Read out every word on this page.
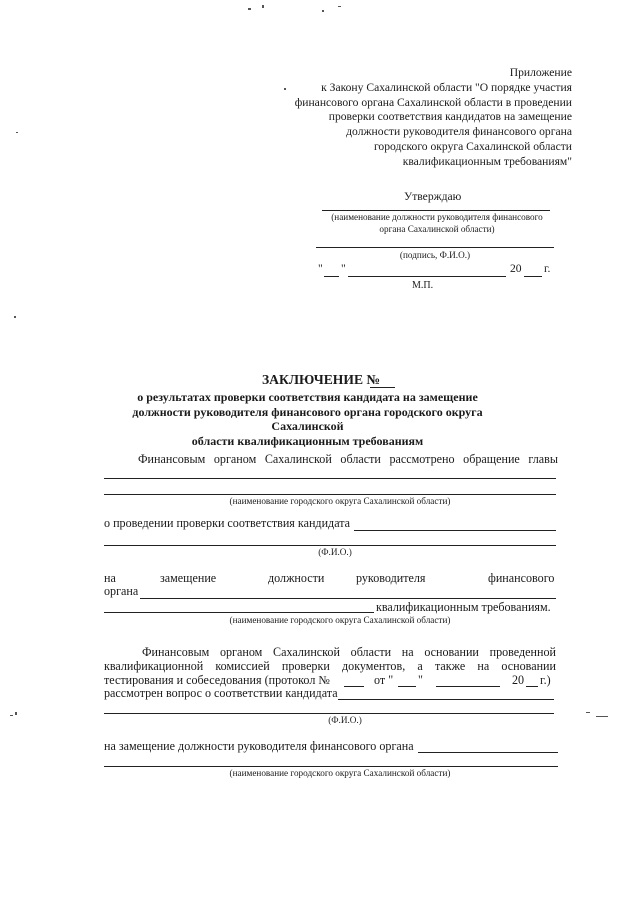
Приложение
к Закону Сахалинской области "О порядке участия
финансового органа Сахалинской области в проведении
проверки соответствия кандидатов на замещение
должности руководителя финансового органа
городского округа Сахалинской области
квалификационным требованиям"
Утверждаю
(наименование должности руководителя финансового
органа Сахалинской области)
(подпись, Ф.И.О.)
" "	20 г.
М.П.
ЗАКЛЮЧЕНИЕ №
о результатах проверки соответствия кандидата на замещение
должности руководителя финансового органа городского округа Сахалинской
области квалификационным требованиям
Финансовым органом Сахалинской области рассмотрено обращение главы
(наименование городского округа Сахалинской области)
о проведении проверки соответствия кандидата
(Ф.И.О.)
на	замещение	должности	руководителя	финансового
органа
квалификационным требованиям.
(наименование городского округа Сахалинской области)
Финансовым органом Сахалинской области на основании проведенной
квалификационной комиссией проверки документов, а также на основании
тестирования и собеседования (протокол №	от " "	20 г.)
рассмотрен вопрос о соответствии кандидата
(Ф.И.О.)
на замещение должности руководителя финансового органа
(наименование городского округа Сахалинской области)
